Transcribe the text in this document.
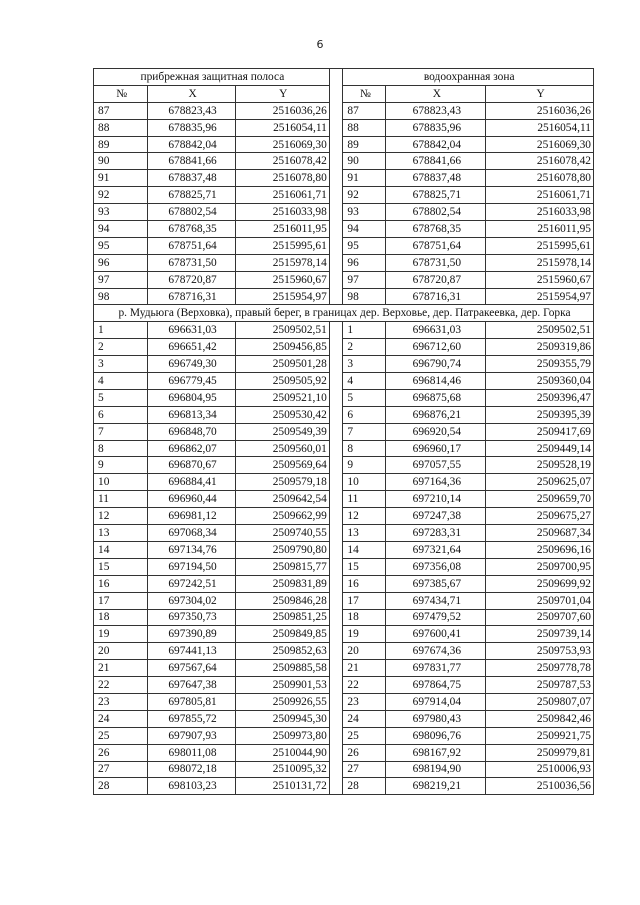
6
прибрежная защитная полоса				водоохранная зона		
№	X	Y		№	X	Y
87	678823,43	2516036,26		87	678823,43	2516036,26
88	678835,96	2516054,11		88	678835,96	2516054,11
89	678842,04	2516069,30		89	678842,04	2516069,30
90	678841,66	2516078,42		90	678841,66	2516078,42
91	678837,48	2516078,80		91	678837,48	2516078,80
92	678825,71	2516061,71		92	678825,71	2516061,71
93	678802,54	2516033,98		93	678802,54	2516033,98
94	678768,35	2516011,95		94	678768,35	2516011,95
95	678751,64	2515995,61		95	678751,64	2515995,61
96	678731,50	2515978,14		96	678731,50	2515978,14
97	678720,87	2515960,67		97	678720,87	2515960,67
98	678716,31	2515954,97		98	678716,31	2515954,97
р. Мудьюга (Верховка), правый берег, в границах дер. Верховье, дер. Патракеевка, дер. Горка						
1	696631,03	2509502,51		1	696631,03	2509502,51
2	696651,42	2509456,85		2	696712,60	2509319,86
3	696749,30	2509501,28		3	696790,74	2509355,79
4	696779,45	2509505,92		4	696814,46	2509360,04
5	696804,95	2509521,10		5	696875,68	2509396,47
6	696813,34	2509530,42		6	696876,21	2509395,39
7	696848,70	2509549,39		7	696920,54	2509417,69
8	696862,07	2509560,01		8	696960,17	2509449,14
9	696870,67	2509569,64		9	697057,55	2509528,19
10	696884,41	2509579,18		10	697164,36	2509625,07
11	696960,44	2509642,54		11	697210,14	2509659,70
12	696981,12	2509662,99		12	697247,38	2509675,27
13	697068,34	2509740,55		13	697283,31	2509687,34
14	697134,76	2509790,80		14	697321,64	2509696,16
15	697194,50	2509815,77		15	697356,08	2509700,95
16	697242,51	2509831,89		16	697385,67	2509699,92
17	697304,02	2509846,28		17	697434,71	2509701,04
18	697350,73	2509851,25		18	697479,52	2509707,60
19	697390,89	2509849,85		19	697600,41	2509739,14
20	697441,13	2509852,63		20	697674,36	2509753,93
21	697567,64	2509885,58		21	697831,77	2509778,78
22	697647,38	2509901,53		22	697864,75	2509787,53
23	697805,81	2509926,55		23	697914,04	2509807,07
24	697855,72	2509945,30		24	697980,43	2509842,46
25	697907,93	2509973,80		25	698096,76	2509921,75
26	698011,08	2510044,90		26	698167,92	2509979,81
27	698072,18	2510095,32		27	698194,90	2510006,93
28	698103,23	2510131,72		28	698219,21	2510036,56
